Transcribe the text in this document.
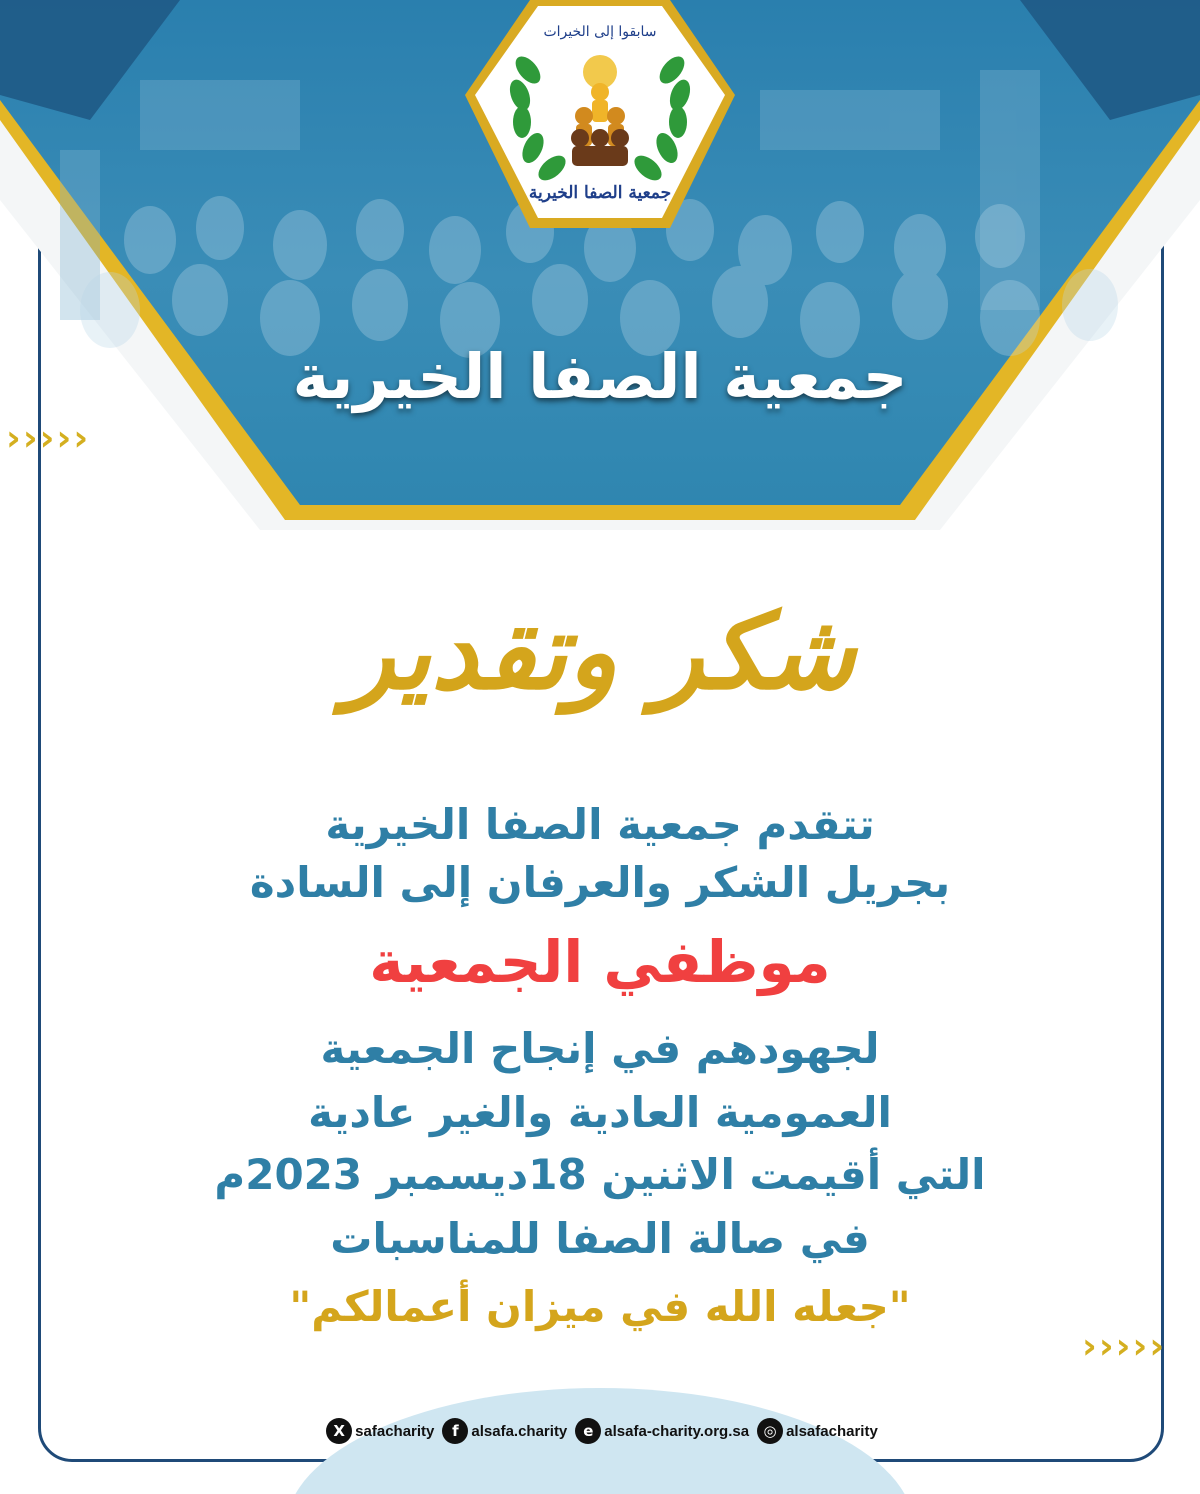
سابقوا إلى الخيرات
جمعية الصفا الخيرية
جمعية الصفا الخيرية
›››››
›››››
شكر وتقدير
تتقدم جمعية الصفا الخيرية
بجريل الشكر والعرفان إلى السادة
موظفي الجمعية
لجهودهم في إنجاح الجمعية
العمومية العادية والغير عادية
التي أقيمت الاثنين 18ديسمبر 2023م
في صالة الصفا للمناسبات
"جعله الله في ميزان أعمالكم"
X safacharity	f alsafa.charity	e alsafa-charity.org.sa ◎ alsafacharity
